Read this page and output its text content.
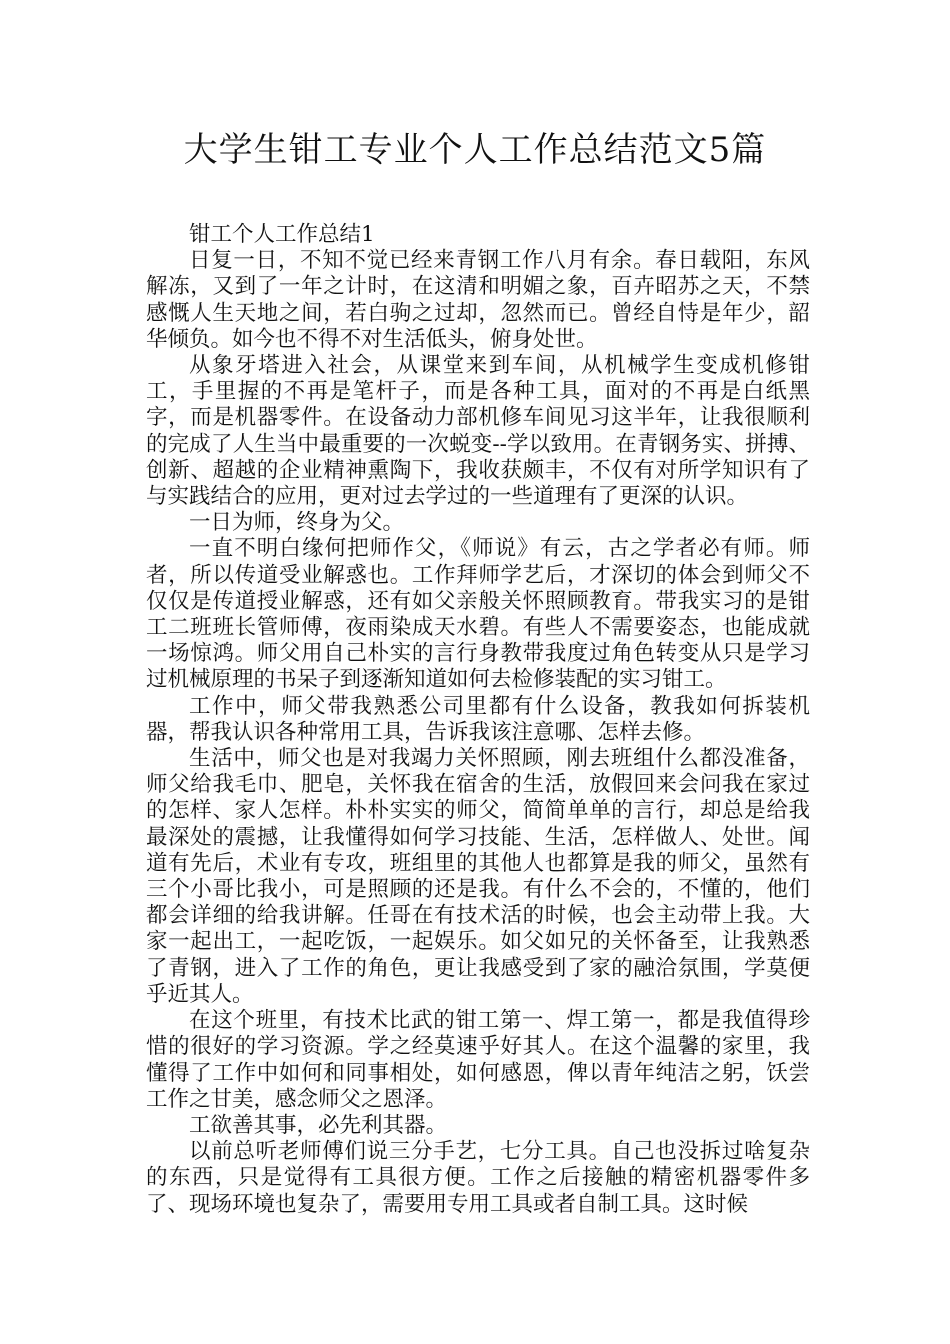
大学生钳工专业个人工作总结范文5篇

钳工个人工作总结1

日复一日，不知不觉已经来青钢工作八月有余。春日载阳，东风解冻，又到了一年之计时，在这清和明媚之象，百卉昭苏之天，不禁感慨人生天地之间，若白驹之过却，忽然而已。曾经自恃是年少，韶华倾负。如今也不得不对生活低头，俯身处世。

从象牙塔进入社会，从课堂来到车间，从机械学生变成机修钳工，手里握的不再是笔杆子，而是各种工具，面对的不再是白纸黑字，而是机器零件。在设备动力部机修车间见习这半年，让我很顺利的完成了人生当中最重要的一次蜕变--学以致用。在青钢务实、拼搏、创新、超越的企业精神熏陶下，我收获颇丰，不仅有对所学知识有了与实践结合的应用，更对过去学过的一些道理有了更深的认识。

一日为师，终身为父。

一直不明白缘何把师作父，《师说》有云，古之学者必有师。师者，所以传道受业解惑也。工作拜师学艺后，才深切的体会到师父不仅仅是传道授业解惑，还有如父亲般关怀照顾教育。带我实习的是钳工二班班长管师傅，夜雨染成天水碧。有些人不需要姿态，也能成就一场惊鸿。师父用自己朴实的言行身教带我度过角色转变从只是学习过机械原理的书呆子到逐渐知道如何去检修装配的实习钳工。

工作中，师父带我熟悉公司里都有什么设备，教我如何拆装机器，帮我认识各种常用工具，告诉我该注意哪、怎样去修。

生活中，师父也是对我竭力关怀照顾，刚去班组什么都没准备，师父给我毛巾、肥皂，关怀我在宿舍的生活，放假回来会问我在家过的怎样、家人怎样。朴朴实实的师父，简简单单的言行，却总是给我最深处的震撼，让我懂得如何学习技能、生活，怎样做人、处世。闻道有先后，术业有专攻，班组里的其他人也都算是我的师父，虽然有三个小哥比我小，可是照顾的还是我。有什么不会的，不懂的，他们都会详细的给我讲解。任哥在有技术活的时候，也会主动带上我。大家一起出工，一起吃饭，一起娱乐。如父如兄的关怀备至，让我熟悉了青钢，进入了工作的角色，更让我感受到了家的融洽氛围，学莫便乎近其人。

在这个班里，有技术比武的钳工第一、焊工第一，都是我值得珍惜的很好的学习资源。学之经莫速乎好其人。在这个温馨的家里，我懂得了工作中如何和同事相处，如何感恩，俾以青年纯洁之躬，饫尝工作之甘美，感念师父之恩泽。

工欲善其事，必先利其器。

以前总听老师傅们说三分手艺，七分工具。自己也没拆过啥复杂的东西，只是觉得有工具很方便。工作之后接触的精密机器零件多了、现场环境也复杂了，需要用专用工具或者自制工具。这时候
